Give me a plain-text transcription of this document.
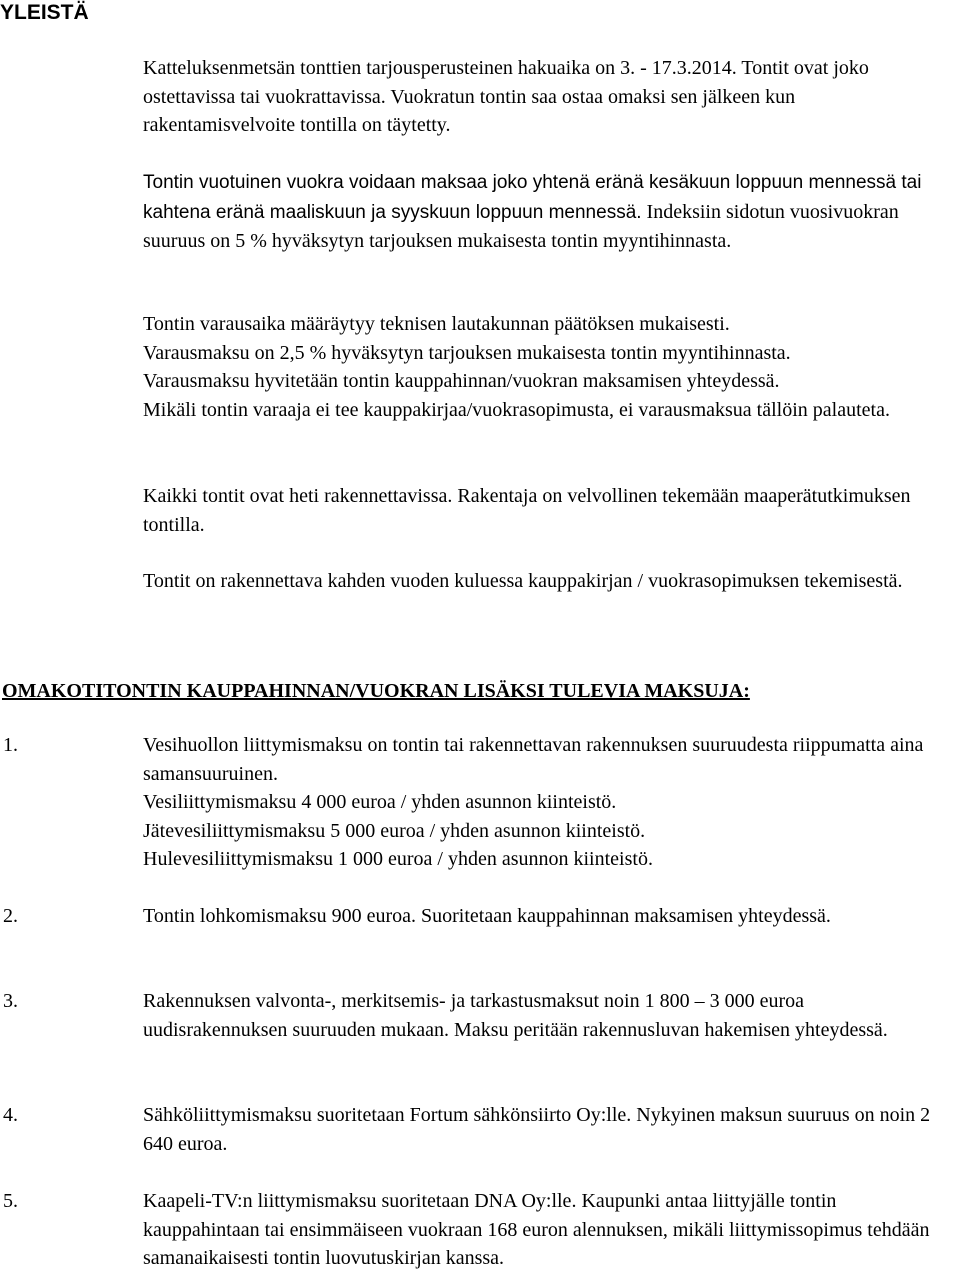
YLEISTÄ

Katteluksenmetsän tonttien tarjousperusteinen hakuaika on 3. - 17.3.2014. Tontit ovat joko ostettavissa tai vuokrattavissa. Vuokratun tontin saa ostaa omaksi sen jälkeen kun rakentamisvelvoite tontilla on täytetty.

Tontin vuotuinen vuokra voidaan maksaa joko yhtenä eränä kesäkuun loppuun mennessä tai kahtena eränä maaliskuun ja syyskuun loppuun mennessä. Indeksiin sidotun vuosivuokran suuruus on 5 % hyväksytyn tarjouksen mukaisesta tontin myyntihinnasta.

Tontin varausaika määräytyy teknisen lautakunnan päätöksen mukaisesti.
Varausmaksu on 2,5 % hyväksytyn tarjouksen mukaisesta tontin myyntihinnasta.
Varausmaksu hyvitetään tontin kauppahinnan/vuokran maksamisen yhteydessä.
Mikäli tontin varaaja ei tee kauppakirjaa/vuokrasopimusta, ei varausmaksua tällöin palauteta.

Kaikki tontit ovat heti rakennettavissa. Rakentaja on velvollinen tekemään maaperätutkimuksen tontilla.

Tontit on rakennettava kahden vuoden kuluessa kauppakirjan / vuokrasopimuksen tekemisestä.

OMAKOTITONTIN KAUPPAHINNAN/VUOKRAN LISÄKSI TULEVIA MAKSUJA:
1.	Vesihuollon liittymismaksu on tontin tai rakennettavan rakennuksen suuruudesta riippumatta aina samansuuruinen.
Vesiliittymismaksu 4 000 euroa / yhden asunnon kiinteistö.
Jätevesiliittymismaksu 5 000 euroa / yhden asunnon kiinteistö.
Hulevesiliittymismaksu 1 000 euroa / yhden asunnon kiinteistö.
2.	Tontin lohkomismaksu 900 euroa. Suoritetaan kauppahinnan maksamisen yhteydessä.
3.	Rakennuksen valvonta-, merkitsemis- ja tarkastusmaksut noin 1 800 – 3 000 euroa uudisrakennuksen suuruuden mukaan. Maksu peritään rakennusluvan hakemisen yhteydessä.
4.	Sähköliittymismaksu suoritetaan Fortum sähkönsiirto Oy:lle. Nykyinen maksun suuruus on noin 2 640 euroa.
5.	Kaapeli-TV:n liittymismaksu suoritetaan DNA Oy:lle. Kaupunki antaa liittyjälle tontin kauppahintaan tai ensimmäiseen vuokraan 168 euron alennuksen, mikäli liittymissopimus tehdään samanaikaisesti tontin luovutuskirjan kanssa.
